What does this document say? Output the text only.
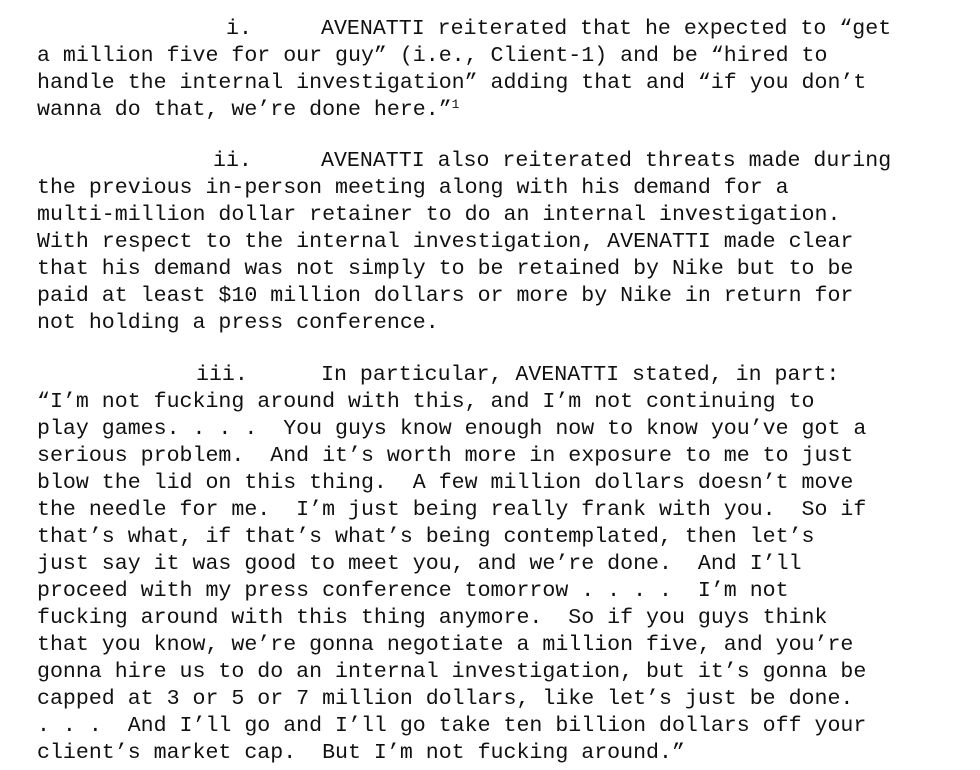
i.	AVENATTI reiterated that he expected to “get

a million five for our guy” (i.e., Client-1) and be “hired to

handle the internal investigation” adding that and “if you don’t

wanna do that, we’re done here.”$^1$

ii.	AVENATTI also reiterated threats made during

the previous in-person meeting along with his demand for a

multi-million dollar retainer to do an internal investigation.

With respect to the internal investigation, AVENATTI made clear

that his demand was not simply to be retained by Nike but to be

paid at least $10 million dollars or more by Nike in return for

not holding a press conference.

iii.	In particular, AVENATTI stated, in part:

“I’m not fucking around with this, and I’m not continuing to

play games. . . .  You guys know enough now to know you’ve got a

serious problem.  And it’s worth more in exposure to me to just

blow the lid on this thing.  A few million dollars doesn’t move

the needle for me.  I’m just being really frank with you.  So if

that’s what, if that’s what’s being contemplated, then let’s

just say it was good to meet you, and we’re done.  And I’ll

proceed with my press conference tomorrow . . . .  I’m not

fucking around with this thing anymore.  So if you guys think

that you know, we’re gonna negotiate a million five, and you’re

gonna hire us to do an internal investigation, but it’s gonna be

capped at 3 or 5 or 7 million dollars, like let’s just be done.

. . .  And I’ll go and I’ll go take ten billion dollars off your

client’s market cap.  But I’m not fucking around.”
